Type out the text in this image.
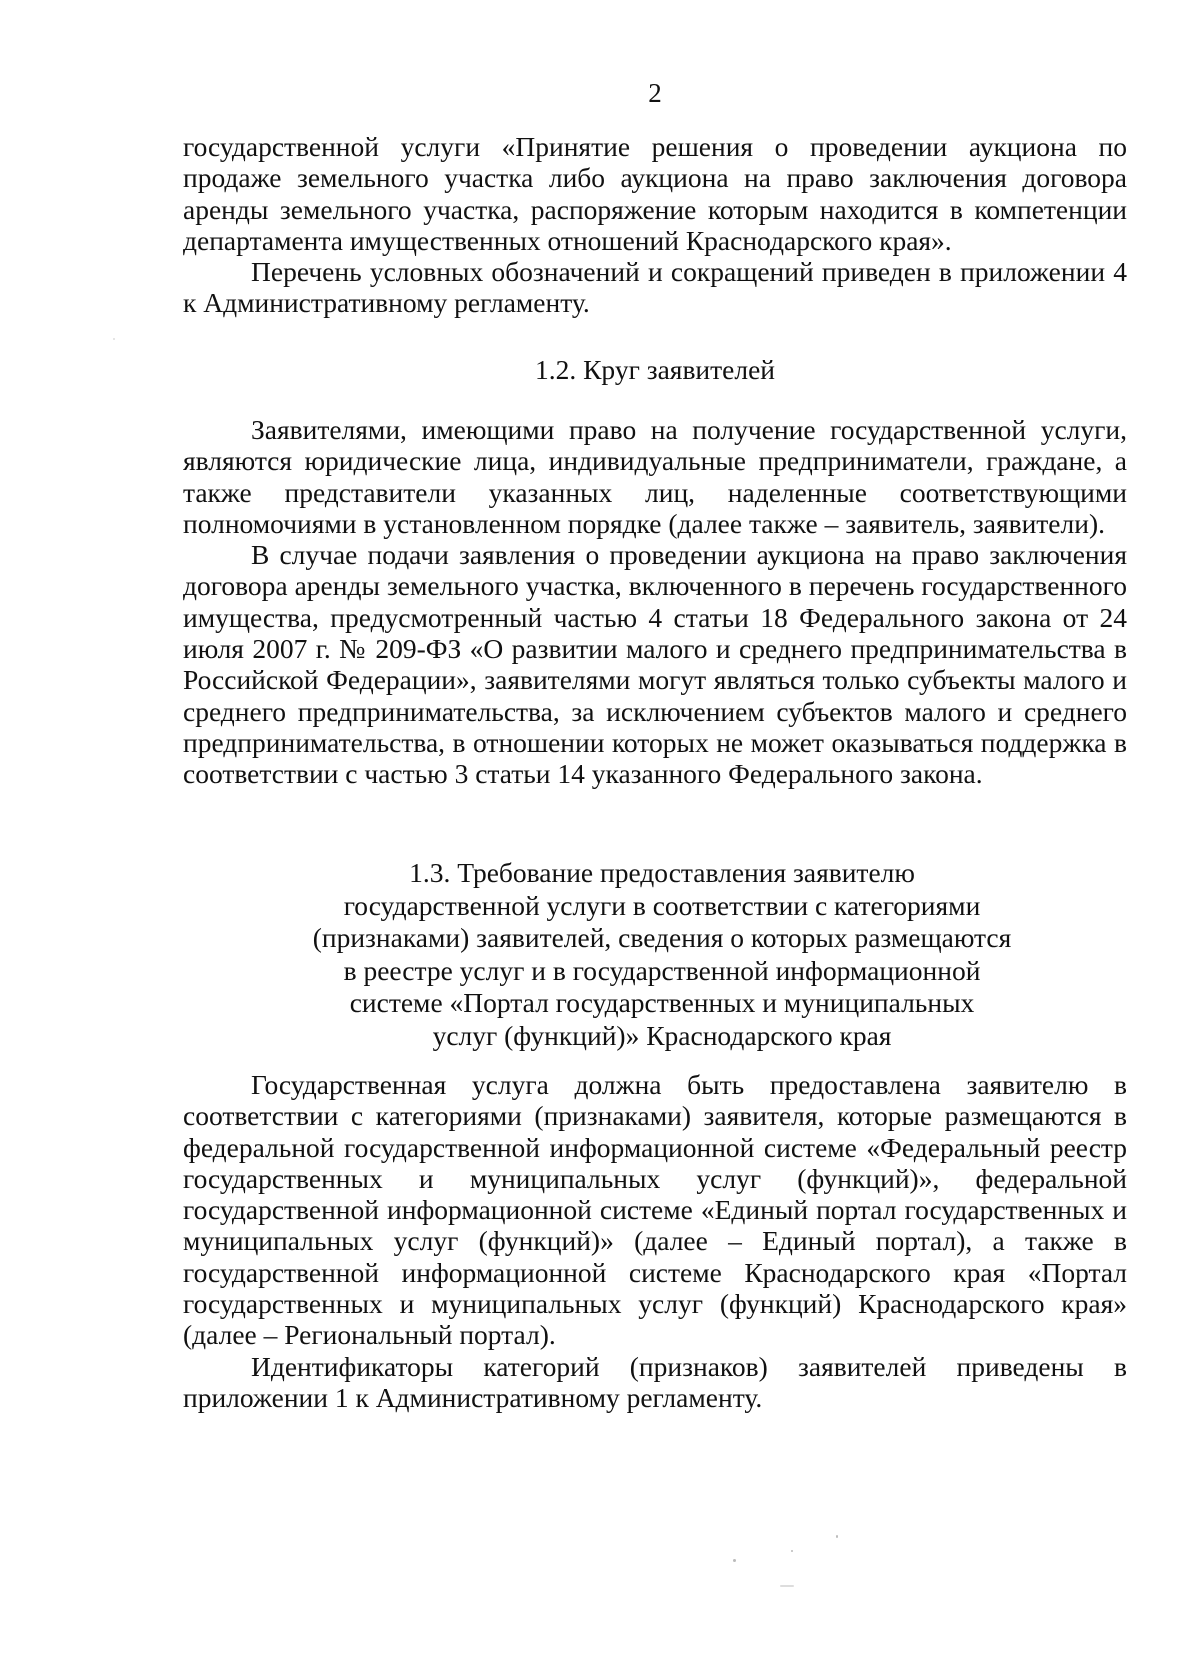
2

государственной услуги «Принятие решения о проведении аукциона по продаже земельного участка либо аукциона на право заключения договора аренды земельного участка, распоряжение которым находится в компетенции департамента имущественных отношений Краснодарского края».

Перечень условных обозначений и сокращений приведен в приложении 4 к Административному регламенту.

1.2. Круг заявителей

Заявителями, имеющими право на получение государственной услуги, являются юридические лица, индивидуальные предприниматели, граждане, а также представители указанных лиц, наделенные соответствующими полномочиями в установленном порядке (далее также – заявитель, заявители).

В случае подачи заявления о проведении аукциона на право заключения договора аренды земельного участка, включенного в перечень государственного имущества, предусмотренный частью 4 статьи 18 Федерального закона от 24 июля 2007 г. № 209-ФЗ «О развитии малого и среднего предпринимательства в Российской Федерации», заявителями могут являться только субъекты малого и среднего предпринимательства, за исключением субъектов малого и среднего предпринимательства, в отношении которых не может оказываться поддержка в соответствии с частью 3 статьи 14 указанного Федерального закона.

1.3. Требование предоставления заявителю

государственной услуги в соответствии с категориями

(признаками) заявителей, сведения о которых размещаются

в реестре услуг и в государственной информационной

системе «Портал государственных и муниципальных

услуг (функций)» Краснодарского края

Государственная услуга должна быть предоставлена заявителю в соответствии с категориями (признаками) заявителя, которые размещаются в федеральной государственной информационной системе «Федеральный реестр государственных и муниципальных услуг (функций)», федеральной государственной информационной системе «Единый портал государственных и муниципальных услуг (функций)» (далее – Единый портал), а также в государственной информационной системе Краснодарского края «Портал государственных и муниципальных услуг (функций) Краснодарского края» (далее – Региональный портал).

Идентификаторы категорий (признаков) заявителей приведены в приложении 1 к Административному регламенту.
